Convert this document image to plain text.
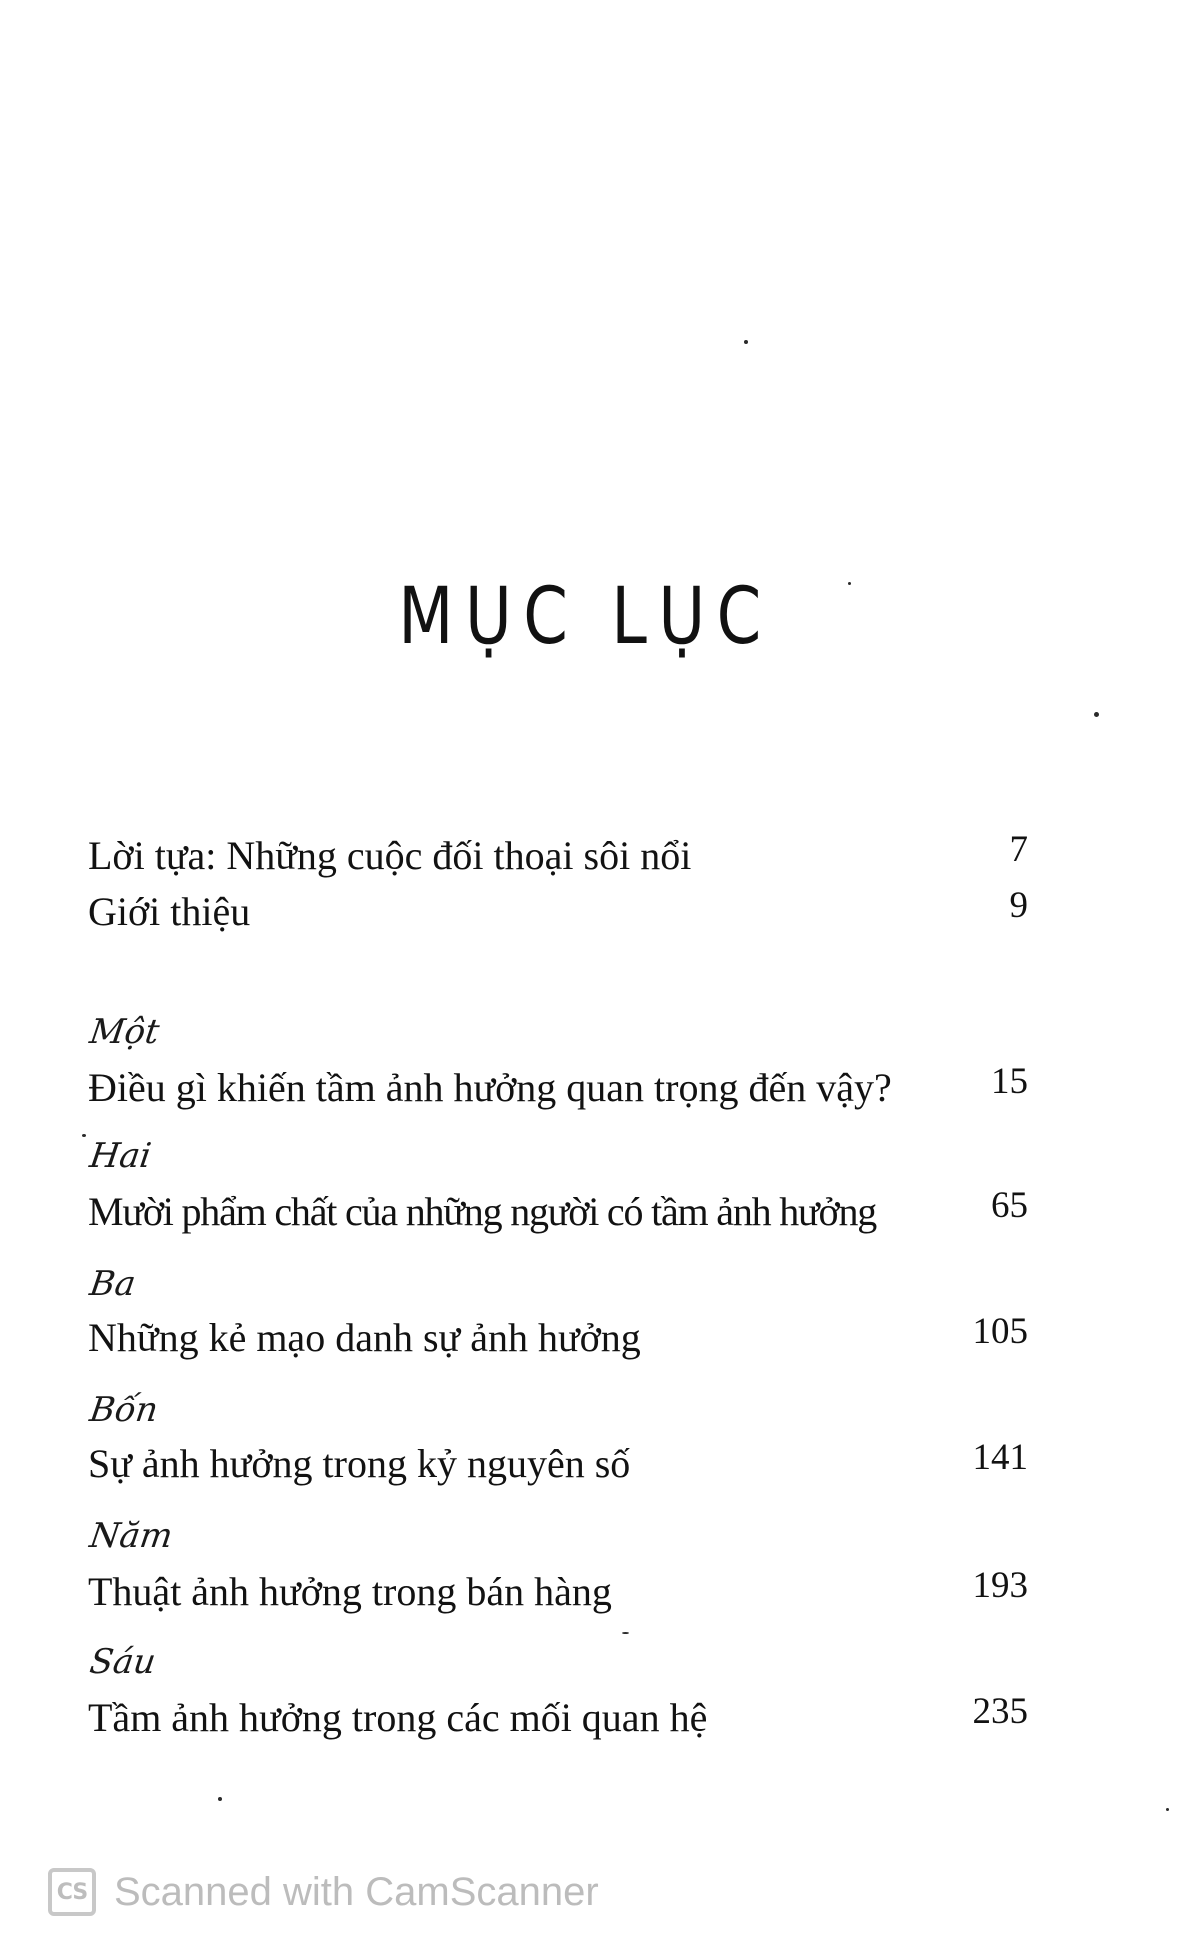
MỤC LỤC
Lời tựa: Những cuộc đối thoại sôi nổi	7
Giới thiệu	9
Một
Điều gì khiến tầm ảnh hưởng quan trọng đến vậy?	15
Hai
Mười phẩm chất của những người có tầm ảnh hưởng	65
Ba
Những kẻ mạo danh sự ảnh hưởng	105
Bốn
Sự ảnh hưởng trong kỷ nguyên số	141
Năm
Thuật ảnh hưởng trong bán hàng	193
Sáu
Tầm ảnh hưởng trong các mối quan hệ	235
CS Scanned with CamScanner
